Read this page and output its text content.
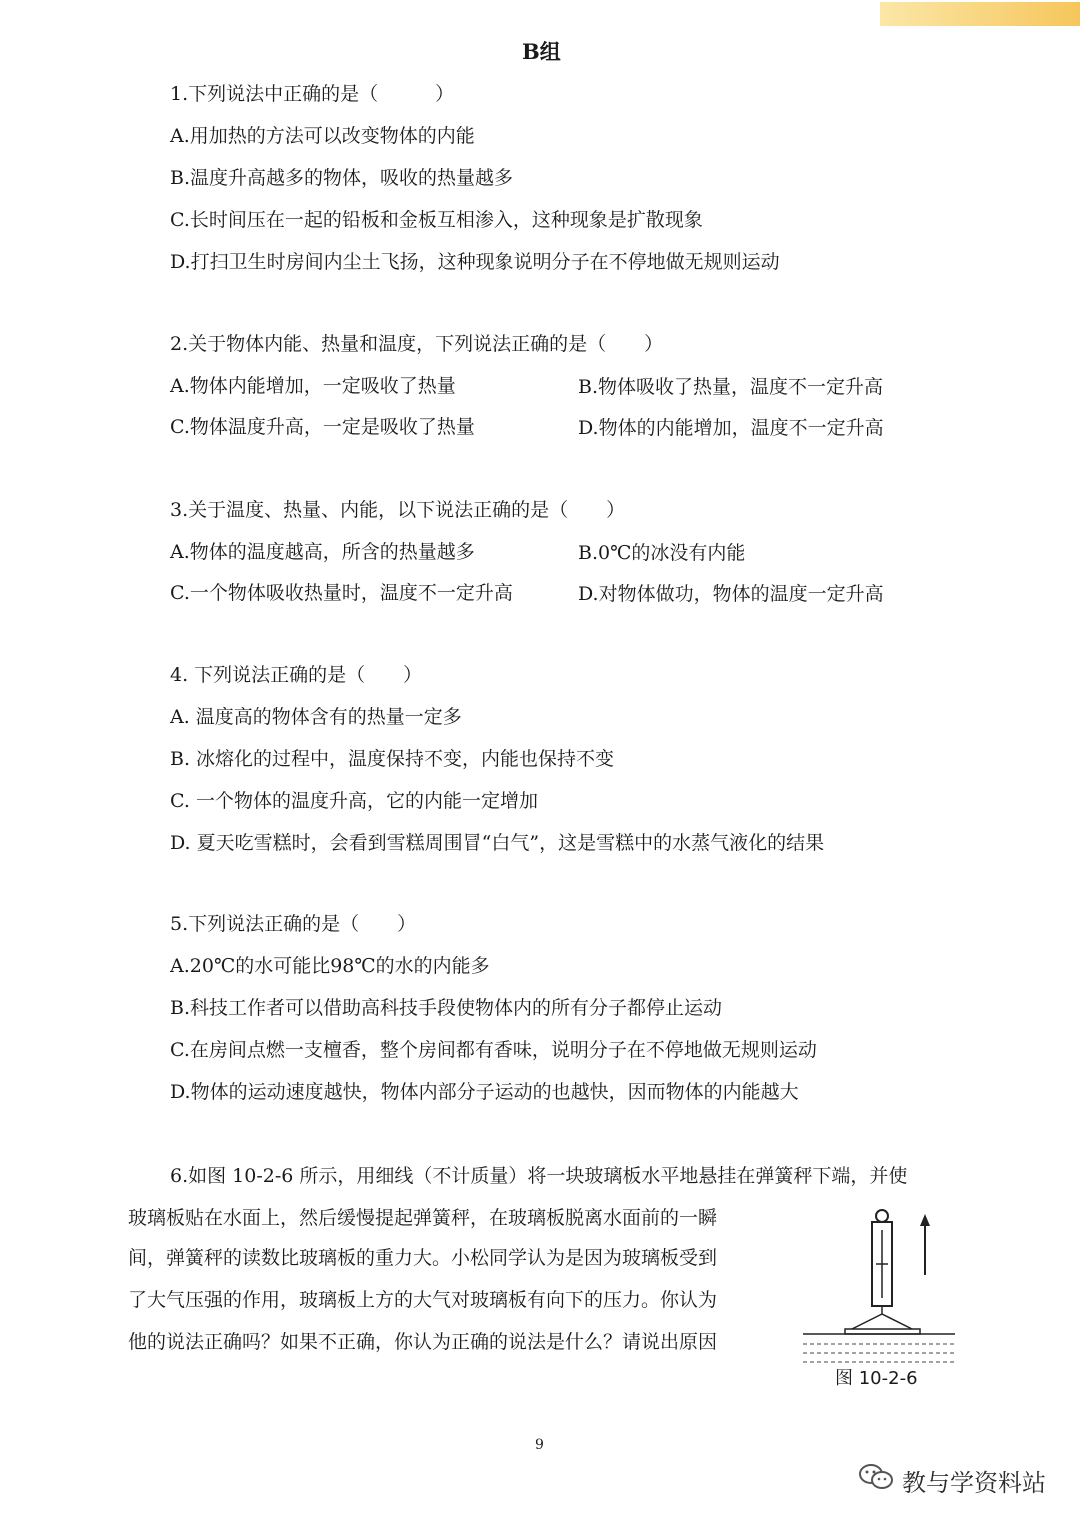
B组
1.下列说法中正确的是（　　　）
A.用加热的方法可以改变物体的内能
B.温度升高越多的物体，吸收的热量越多
C.长时间压在一起的铅板和金板互相渗入，这种现象是扩散现象
D.打扫卫生时房间内尘土飞扬，这种现象说明分子在不停地做无规则运动
2.关于物体内能、热量和温度，下列说法正确的是（　　）
A.物体内能增加，一定吸收了热量	B.物体吸收了热量，温度不一定升高
C.物体温度升高，一定是吸收了热量	D.物体的内能增加，温度不一定升高
3.关于温度、热量、内能，以下说法正确的是（　　）
A.物体的温度越高，所含的热量越多	B.0℃的冰没有内能
C.一个物体吸收热量时，温度不一定升高	D.对物体做功，物体的温度一定升高
4. 下列说法正确的是（　　）
A. 温度高的物体含有的热量一定多
B. 冰熔化的过程中，温度保持不变，内能也保持不变
C. 一个物体的温度升高，它的内能一定增加
D. 夏天吃雪糕时，会看到雪糕周围冒“白气”，这是雪糕中的水蒸气液化的结果
5.下列说法正确的是（　　）
A.20℃的水可能比98℃的水的内能多
B.科技工作者可以借助高科技手段使物体内的所有分子都停止运动
C.在房间点燃一支檀香，整个房间都有香味，说明分子在不停地做无规则运动
D.物体的运动速度越快，物体内部分子运动的也越快，因而物体的内能越大
6.如图 10-2-6 所示，用细线（不计质量）将一块玻璃板水平地悬挂在弹簧秤下端，并使
玻璃板贴在水面上，然后缓慢提起弹簧秤，在玻璃板脱离水面前的一瞬
间，弹簧秤的读数比玻璃板的重力大。小松同学认为是因为玻璃板受到
了大气压强的作用，玻璃板上方的大气对玻璃板有向下的压力。你认为
他的说法正确吗？如果不正确，你认为正确的说法是什么？请说出原因
图 10-2-6
9
教与学资料站
